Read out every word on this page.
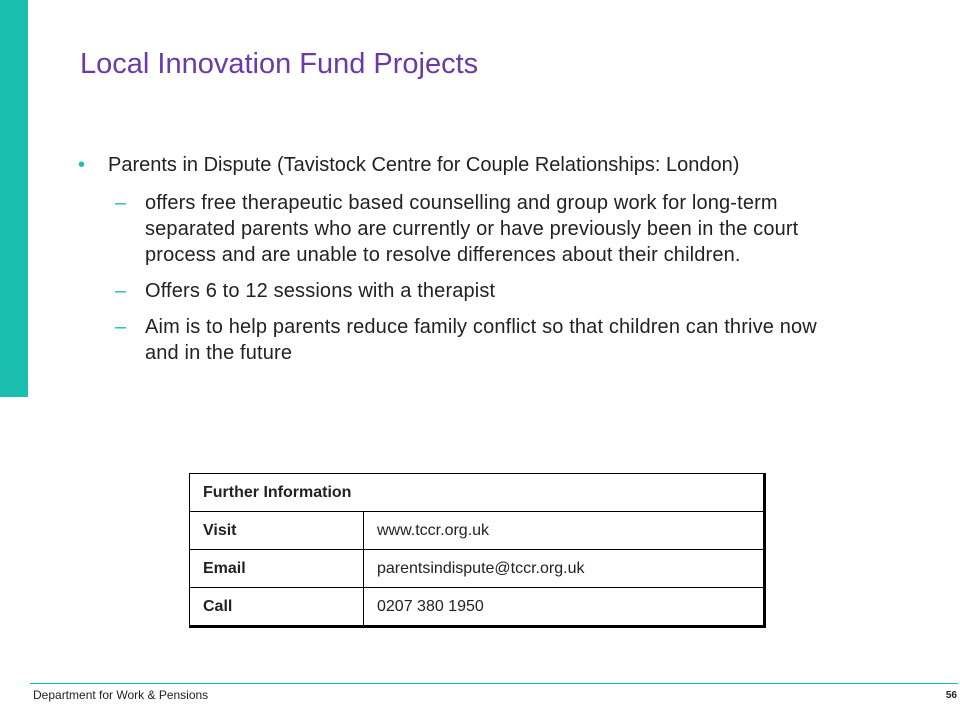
Local Innovation Fund Projects
•	Parents in Dispute (Tavistock Centre for Couple Relationships: London)
– offers free therapeutic based counselling and group work for long-term separated parents who are currently or have previously been in the court process and are unable to resolve differences about their children.
– Offers 6 to 12 sessions with a therapist
– Aim is to help parents reduce family conflict so that children can thrive now and in the future
Further Information	
Visit	www.tccr.org.uk
Email	parentsindispute@tccr.org.uk
Call	0207 380 1950
Department for Work & Pensions	56
